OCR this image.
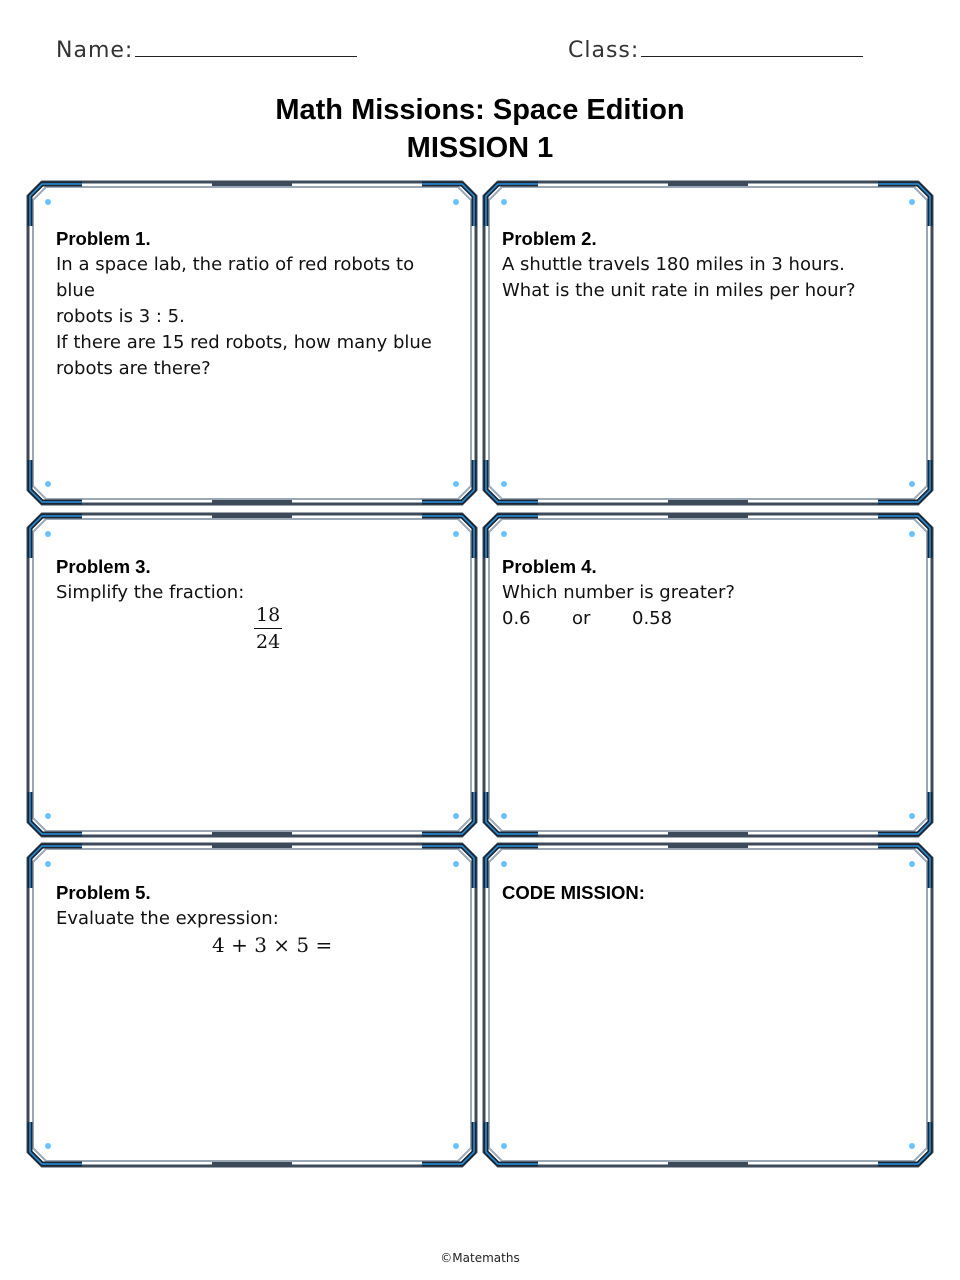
Name:	Class:
Math Missions: Space Edition
MISSION 1
Problem 1.
In a space lab, the ratio of red robots to blue
robots is 3 : 5.
If there are 15 red robots, how many blue
robots are there?
Problem 2.
A shuttle travels 180 miles in 3 hours.
What is the unit rate in miles per hour?
Problem 3.
Simplify the fraction:
$\frac{18}{24}$
Problem 4.
Which number is greater?
0.6 or 0.58
Problem 5.
Evaluate the expression:
4 + 3 × 5 =
CODE MISSION:
©Matemaths
